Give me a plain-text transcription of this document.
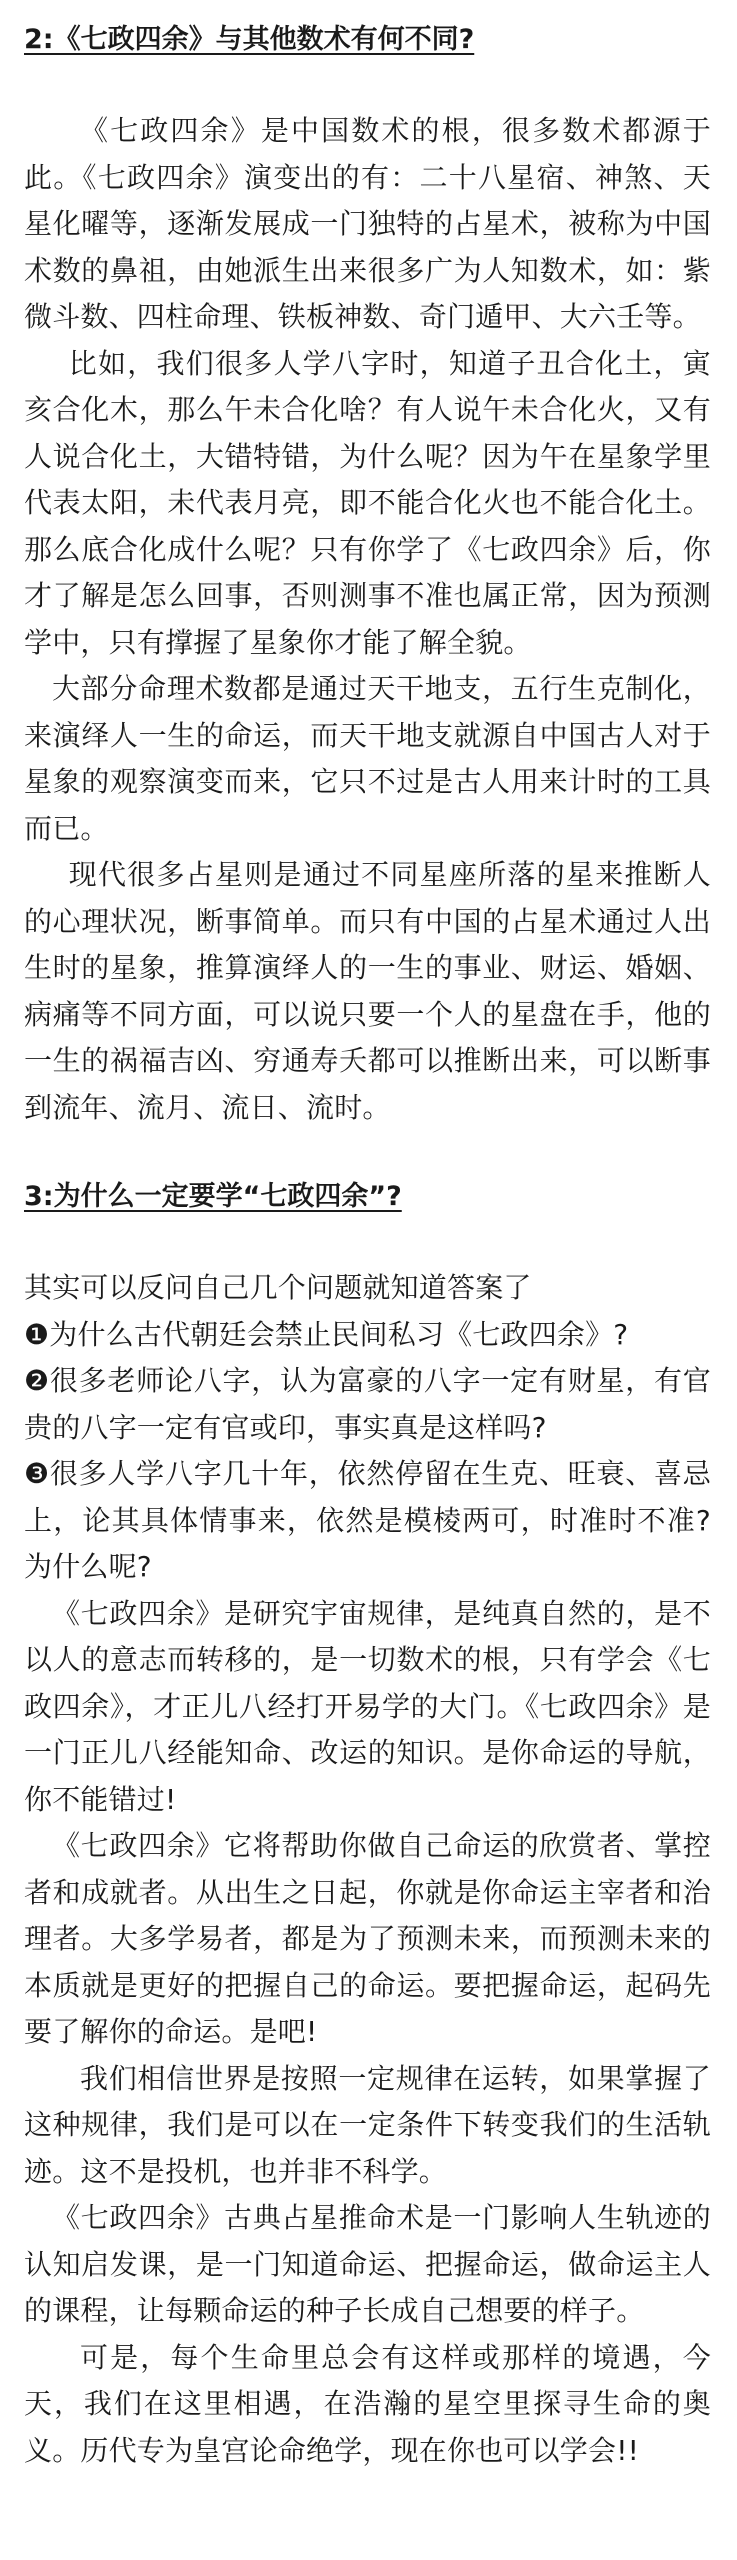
2:《七政四余》与其他数术有何不同?

《七政四余》是中国数术的根，很多数术都源于此。《七政四余》演变出的有：二十八星宿、神煞、天星化曜等，逐渐发展成一门独特的占星术，被称为中国术数的鼻祖，由她派生出来很多广为人知数术，如：紫微斗数、四柱命理、铁板神数、奇门遁甲、大六壬等。

比如，我们很多人学八字时，知道子丑合化土，寅亥合化木，那么午未合化啥？有人说午未合化火，又有人说合化土，大错特错，为什么呢？因为午在星象学里代表太阳，未代表月亮，即不能合化火也不能合化土。那么底合化成什么呢？只有你学了《七政四余》后，你才了解是怎么回事，否则测事不准也属正常，因为预测学中，只有撑握了星象你才能了解全貌。

大部分命理术数都是通过天干地支，五行生克制化，来演绎人一生的命运，而天干地支就源自中国古人对于星象的观察演变而来，它只不过是古人用来计时的工具而已。

现代很多占星则是通过不同星座所落的星来推断人的心理状况，断事简单。而只有中国的占星术通过人出生时的星象，推算演绎人的一生的事业、财运、婚姻、病痛等不同方面，可以说只要一个人的星盘在手，他的一生的祸福吉凶、穷通寿夭都可以推断出来，可以断事到流年、流月、流日、流时。

3:为什么一定要学“七政四余”?

其实可以反问自己几个问题就知道答案了

❶为什么古代朝廷会禁止民间私习《七政四余》?

❷很多老师论八字，认为富豪的八字一定有财星，有官贵的八字一定有官或印，事实真是这样吗?

❸很多人学八字几十年，依然停留在生克、旺衰、喜忌上，论其具体情事来，依然是模棱两可，时准时不准?为什么呢?

《七政四余》是研究宇宙规律，是纯真自然的，是不以人的意志而转移的，是一切数术的根，只有学会《七政四余》，才正儿八经打开易学的大门。《七政四余》是一门正儿八经能知命、改运的知识。是你命运的导航， 你不能错过!

《七政四余》它将帮助你做自己命运的欣赏者、掌控者和成就者。从出生之日起，你就是你命运主宰者和治理者。大多学易者，都是为了预测未来，而预测未来的本质就是更好的把握自己的命运。要把握命运，起码先要了解你的命运。是吧!

我们相信世界是按照一定规律在运转，如果掌握了这种规律，我们是可以在一定条件下转变我们的生活轨迹。这不是投机，也并非不科学。

《七政四余》古典占星推命术是一门影响人生轨迹的认知启发课，是一门知道命运、把握命运，做命运主人的课程，让每颗命运的种子长成自己想要的样子。

可是，每个生命里总会有这样或那样的境遇，今天，我们在这里相遇，在浩瀚的星空里探寻生命的奥义。历代专为皇宫论命绝学，现在你也可以学会!!
